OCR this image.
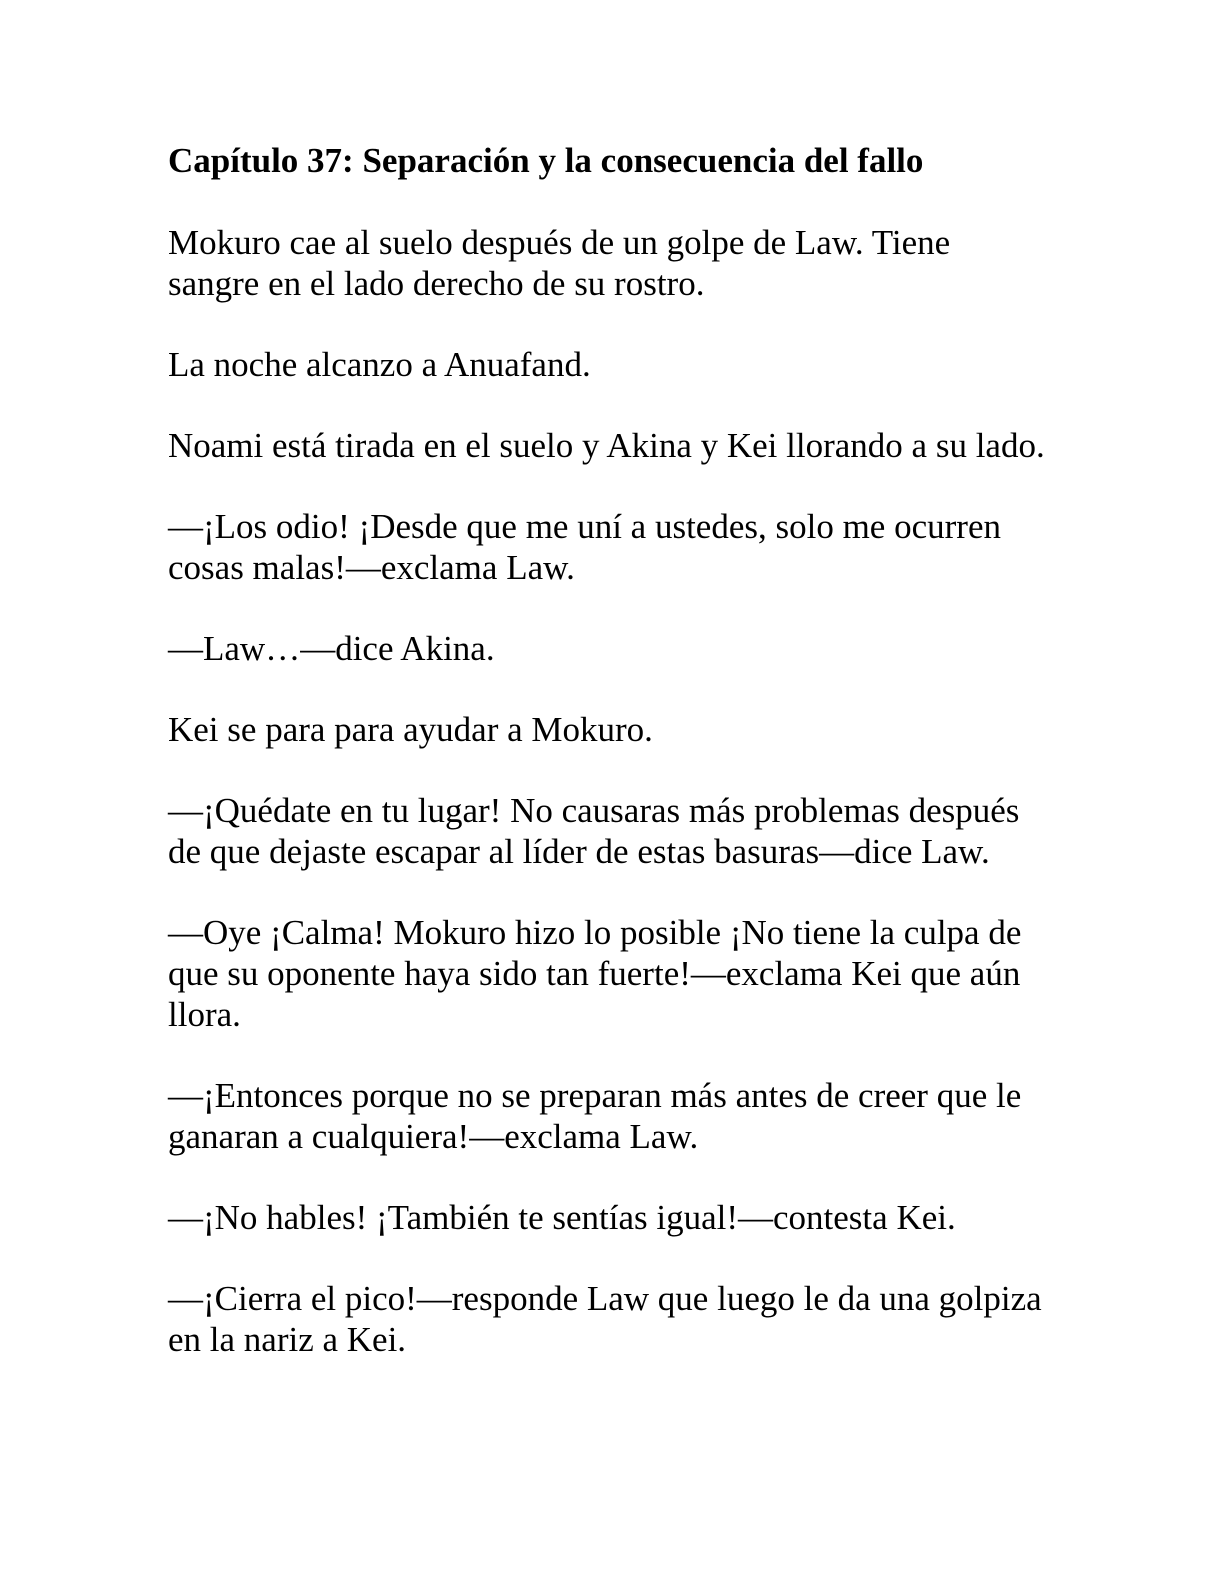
Capítulo 37: Separación y la consecuencia del fallo

Mokuro cae al suelo después de un golpe de Law. Tiene sangre en el lado derecho de su rostro.

La noche alcanzo a Anuafand.

Noami está tirada en el suelo y Akina y Kei llorando a su lado.

—¡Los odio! ¡Desde que me uní a ustedes, solo me ocurren cosas malas!—exclama Law.

—Law…—dice Akina.

Kei se para para ayudar a Mokuro.

—¡Quédate en tu lugar! No causaras más problemas después de que dejaste escapar al líder de estas basuras—dice Law.

—Oye ¡Calma! Mokuro hizo lo posible ¡No tiene la culpa de que su oponente haya sido tan fuerte!—exclama Kei que aún llora.

—¡Entonces porque no se preparan más antes de creer que le ganaran a cualquiera!—exclama Law.

—¡No hables! ¡También te sentías igual!—contesta Kei.

—¡Cierra el pico!—responde Law que luego le da una golpiza en la nariz a Kei.
